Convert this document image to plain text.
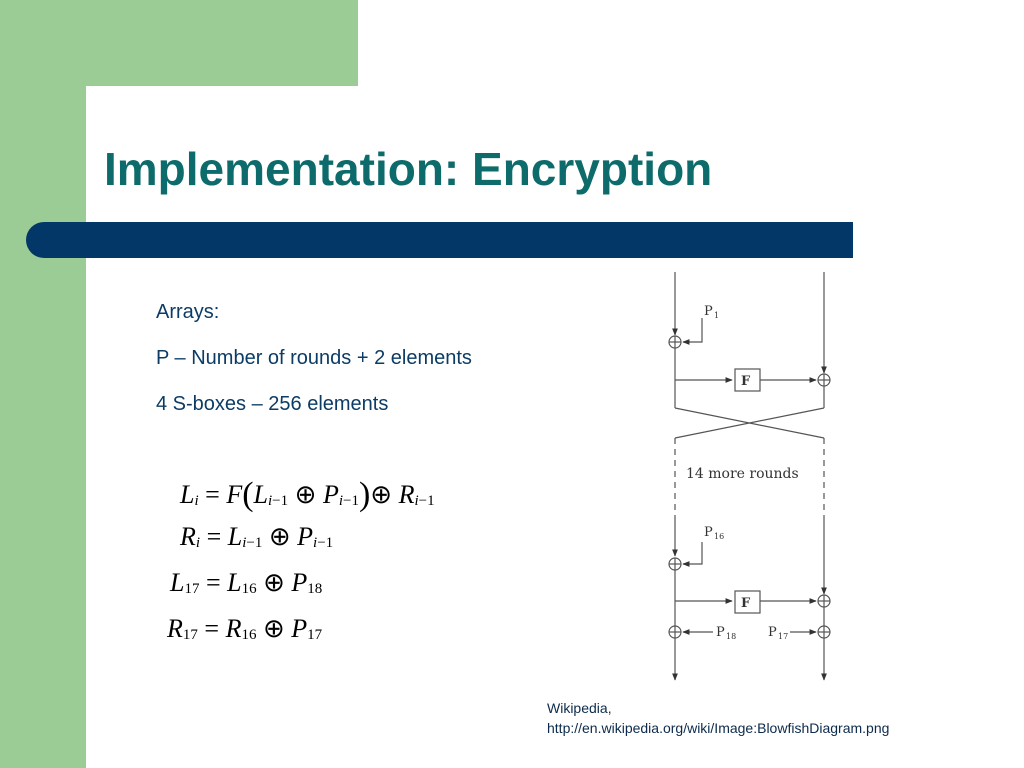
Implementation: Encryption
Arrays:
P – Number of rounds + 2 elements
4 S-boxes – 256 elements
$L_i = F(L_{i-1}$ ⊕ $P_{i-1})\oplus$ $R_{i-1}$
$R_i = L_{i-1}$ ⊕ $P_{i-1}$
$L_{17} = L_{16}$ ⊕ $P_{18}$
$R_{17} = R_{16}$ ⊕ $P_{17}$
P 1
F
14 more rounds
P 16
F
P 18 P 17
Wikipedia,
http://en.wikipedia.org/wiki/Image:BlowfishDiagram.png
